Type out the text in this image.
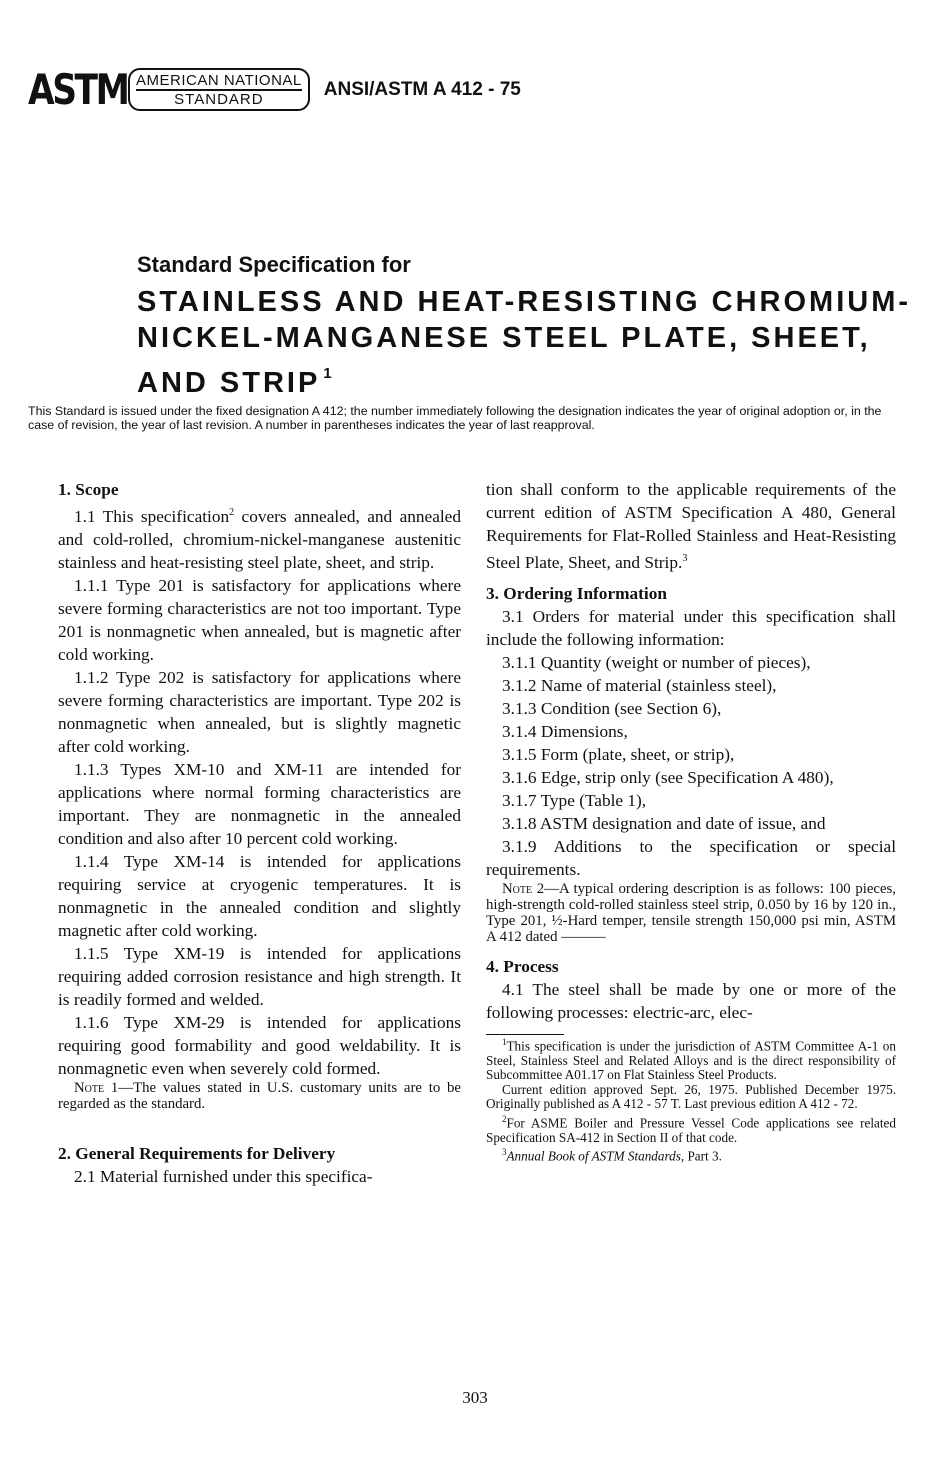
ASTM AMERICAN NATIONAL
STANDARD	ANSI/ASTM A 412 - 75
Standard Specification for
STAINLESS AND HEAT-RESISTING CHROMIUM-NICKEL-MANGANESE STEEL PLATE, SHEET, AND STRIP $^1$
This Standard is issued under the fixed designation A 412; the number immediately following the designation indicates the year of original adoption or, in the case of revision, the year of last revision. A number in parentheses indicates the year of last reapproval.

1. Scope

1.1 This specification$^2$ covers annealed, and annealed and cold-rolled, chromium-nickel-manganese austenitic stainless and heat-resisting steel plate, sheet, and strip.

1.1.1 Type 201 is satisfactory for applications where severe forming characteristics are not too important. Type 201 is nonmagnetic when annealed, but is magnetic after cold working.

1.1.2 Type 202 is satisfactory for applications where severe forming characteristics are important. Type 202 is nonmagnetic when annealed, but is slightly magnetic after cold working.

1.1.3 Types XM-10 and XM-11 are intended for applications where normal forming characteristics are important. They are nonmagnetic in the annealed condition and also after 10 percent cold working.

1.1.4 Type XM-14 is intended for applications requiring service at cryogenic temperatures. It is nonmagnetic in the annealed condition and slightly magnetic after cold working.

1.1.5 Type XM-19 is intended for applications requiring added corrosion resistance and high strength. It is readily formed and welded.

1.1.6 Type XM-29 is intended for applications requiring good formability and good weldability. It is nonmagnetic even when severely cold formed.

Note 1—The values stated in U.S. customary units are to be regarded as the standard.

2. General Requirements for Delivery

2.1 Material furnished under this specifica-

tion shall conform to the applicable requirements of the current edition of ASTM Specification A 480, General Requirements for Flat-Rolled Stainless and Heat-Resisting Steel Plate, Sheet, and Strip.$^3$

3. Ordering Information

3.1 Orders for material under this specification shall include the following information:

3.1.1 Quantity (weight or number of pieces),

3.1.2 Name of material (stainless steel),

3.1.3 Condition (see Section 6),

3.1.4 Dimensions,

3.1.5 Form (plate, sheet, or strip),

3.1.6 Edge, strip only (see Specification A 480),

3.1.7 Type (Table 1),

3.1.8 ASTM designation and date of issue, and

3.1.9 Additions to the specification or special requirements.

Note 2—A typical ordering description is as follows: 100 pieces, high-strength cold-rolled stainless steel strip, 0.050 by 16 by 120 in., Type 201, ½-Hard temper, tensile strength 150,000 psi min, ASTM A 412 dated ———

4. Process

4.1 The steel shall be made by one or more of the following processes: electric-arc, elec-

$^1$This specification is under the jurisdiction of ASTM Committee A-1 on Steel, Stainless Steel and Related Alloys and is the direct responsibility of Subcommittee A01.17 on Flat Stainless Steel Products.

Current edition approved Sept. 26, 1975. Published December 1975. Originally published as A 412 - 57 T. Last previous edition A 412 - 72.

$^2$For ASME Boiler and Pressure Vessel Code applications see related Specification SA-412 in Section II of that code.

$^3$Annual Book of ASTM Standards, Part 3.

303
